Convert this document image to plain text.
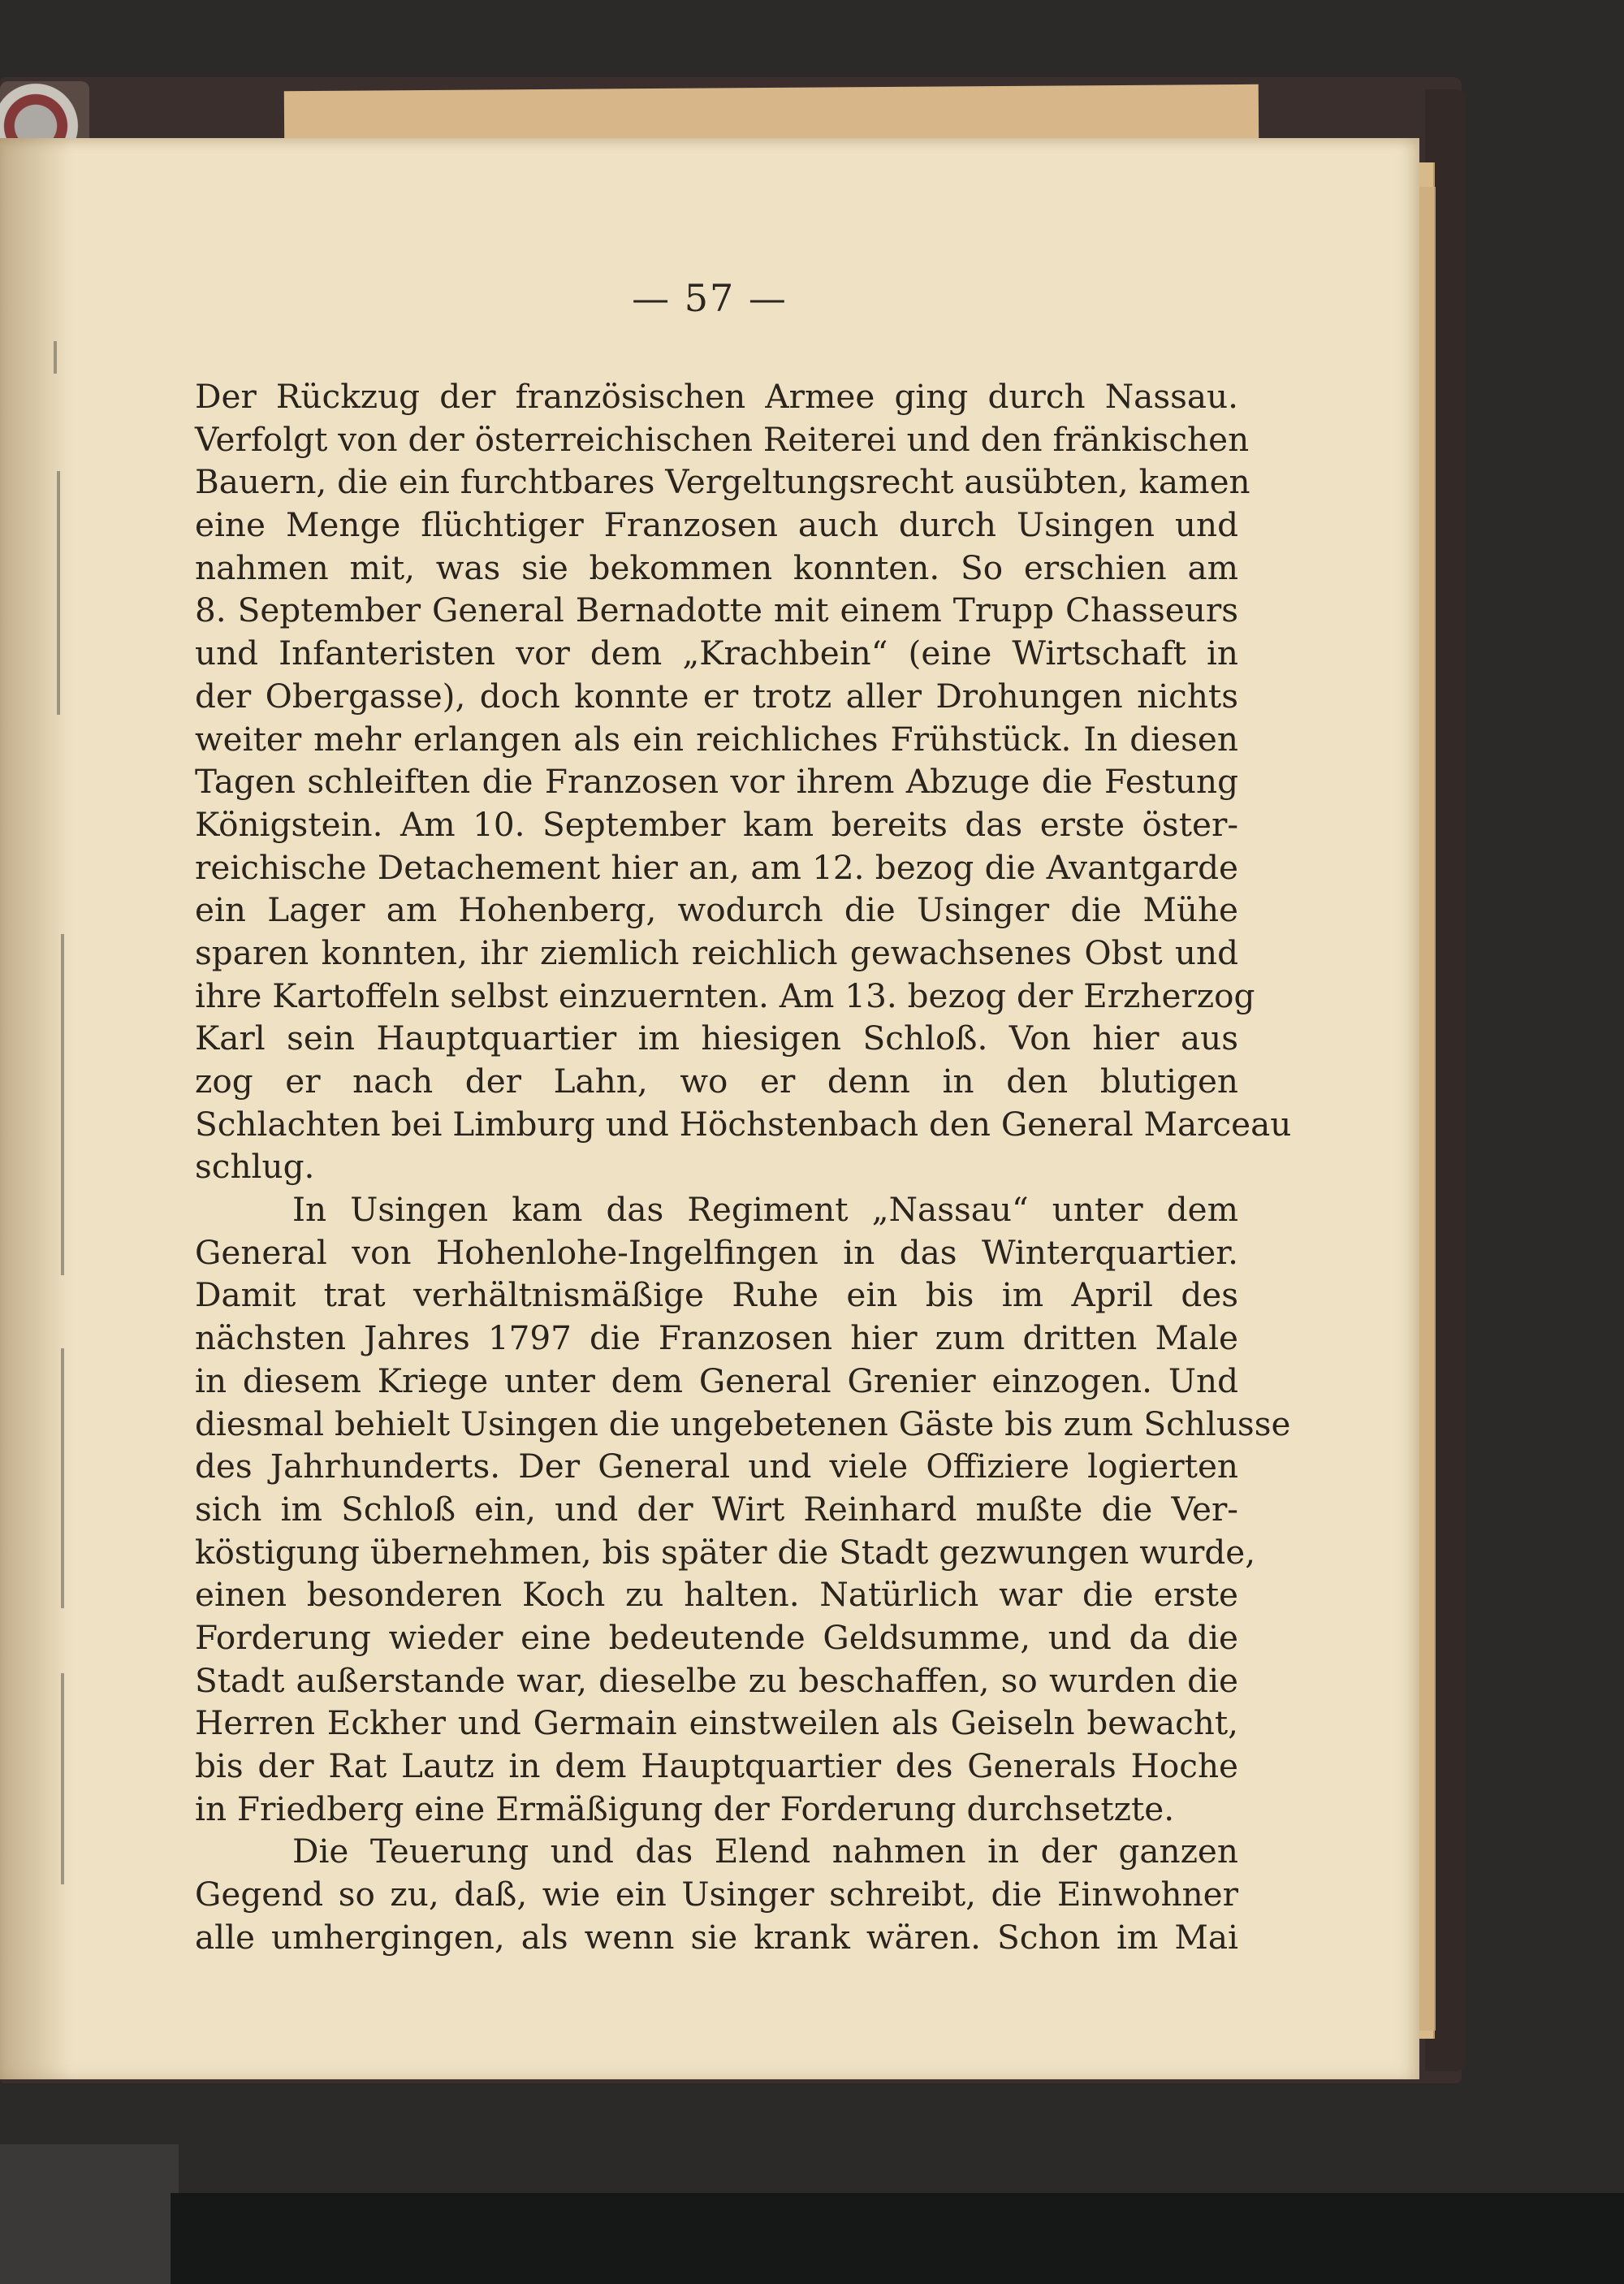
— 57 —
Der Rückzug der französischen Armee ging durch Nassau.
Verfolgt von der österreichischen Reiterei und den fränkischen
Bauern, die ein furchtbares Vergeltungsrecht ausübten, kamen
eine Menge flüchtiger Franzosen auch durch Usingen und
nahmen mit, was sie bekommen konnten. So erschien am
8. September General Bernadotte mit einem Trupp Chasseurs
und Infanteristen vor dem „Krachbein“ (eine Wirtschaft in
der Obergasse), doch konnte er trotz aller Drohungen nichts
weiter mehr erlangen als ein reichliches Frühstück. In diesen
Tagen schleiften die Franzosen vor ihrem Abzuge die Festung
Königstein. Am 10. September kam bereits das erste öster-
reichische Detachement hier an, am 12. bezog die Avantgarde
ein Lager am Hohenberg, wodurch die Usinger die Mühe
sparen konnten, ihr ziemlich reichlich gewachsenes Obst und
ihre Kartoffeln selbst einzuernten. Am 13. bezog der Erzherzog
Karl sein Hauptquartier im hiesigen Schloß. Von hier aus
zog er nach der Lahn, wo er denn in den blutigen
Schlachten bei Limburg und Höchstenbach den General Marceau
schlug.
In Usingen kam das Regiment „Nassau“ unter dem
General von Hohenlohe-Ingelfingen in das Winterquartier.
Damit trat verhältnismäßige Ruhe ein bis im April des
nächsten Jahres 1797 die Franzosen hier zum dritten Male
in diesem Kriege unter dem General Grenier einzogen. Und
diesmal behielt Usingen die ungebetenen Gäste bis zum Schlusse
des Jahrhunderts. Der General und viele Offiziere logierten
sich im Schloß ein, und der Wirt Reinhard mußte die Ver-
köstigung übernehmen, bis später die Stadt gezwungen wurde,
einen besonderen Koch zu halten. Natürlich war die erste
Forderung wieder eine bedeutende Geldsumme, und da die
Stadt außerstande war, dieselbe zu beschaffen, so wurden die
Herren Eckher und Germain einstweilen als Geiseln bewacht,
bis der Rat Lautz in dem Hauptquartier des Generals Hoche
in Friedberg eine Ermäßigung der Forderung durchsetzte.
Die Teuerung und das Elend nahmen in der ganzen
Gegend so zu, daß, wie ein Usinger schreibt, die Einwohner
alle umhergingen, als wenn sie krank wären. Schon im Mai
